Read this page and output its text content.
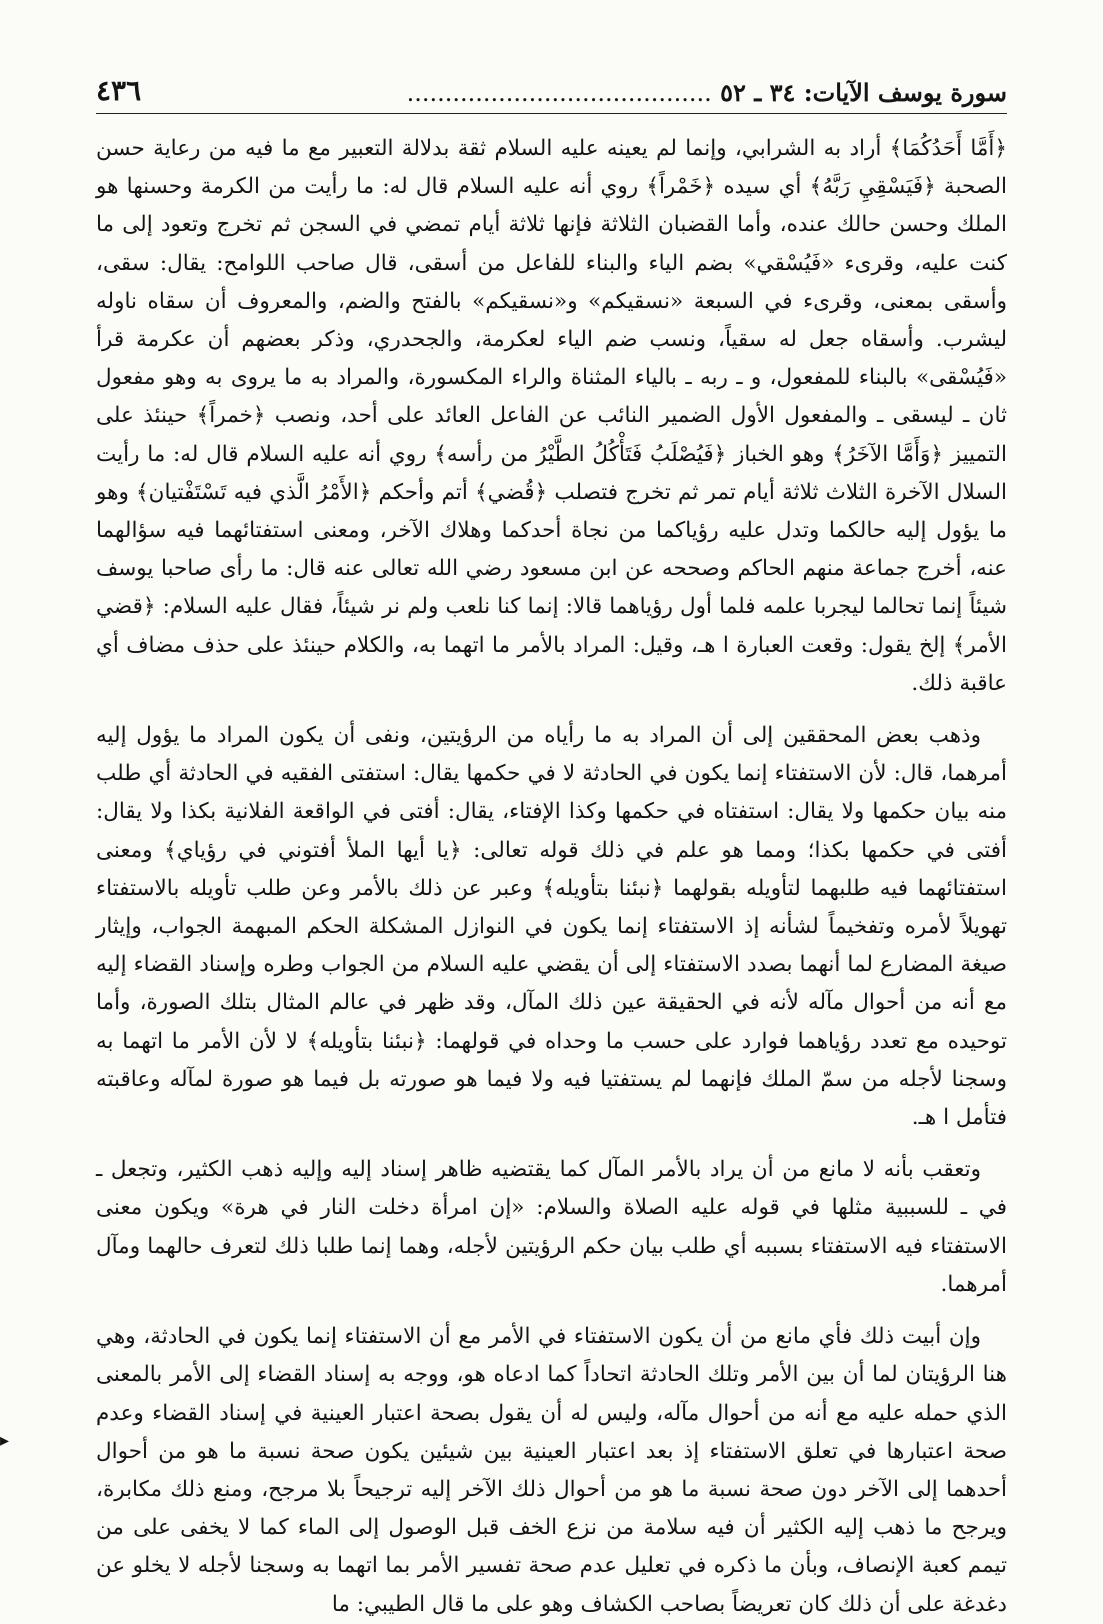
سورة يوسف الآيات: ٣٤ ـ ٥٢ ........................................
٤٣٦

﴿أَمَّا أَحَدُكُمَا﴾ أراد به الشرابي، وإنما لم يعينه عليه السلام ثقة بدلالة التعبير مع ما فيه من رعاية حسن الصحبة ﴿فَيَسْقِيِ رَبَّهُ﴾ أي سيده ﴿خَمْراً﴾ روي أنه عليه السلام قال له: ما رأيت من الكرمة وحسنها هو الملك وحسن حالك عنده، وأما القضبان الثلاثة فإنها ثلاثة أيام تمضي في السجن ثم تخرج وتعود إلى ما كنت عليه، وقرىء «فَيُسْقي» بضم الياء والبناء للفاعل من أسقى، قال صاحب اللوامح: يقال: سقى، وأسقى بمعنى، وقرىء في السبعة «نسقيكم» و«نسقيكم» بالفتح والضم، والمعروف أن سقاه ناوله ليشرب. وأسقاه جعل له سقياً، ونسب ضم الياء لعكرمة، والجحدري، وذكر بعضهم أن عكرمة قرأ «فَيُسْقى» بالبناء للمفعول، و ـ ربه ـ بالياء المثناة والراء المكسورة، والمراد به ما يروى به وهو مفعول ثان ـ ليسقى ـ والمفعول الأول الضمير النائب عن الفاعل العائد على أحد، ونصب ﴿خمراً﴾ حينئذ على التمييز ﴿وَأَمَّا الآخَرُ﴾ وهو الخباز ﴿فَيُصْلَبُ فَتَأْكُلُ الطَّيْرُ من رأسه﴾ روي أنه عليه السلام قال له: ما رأيت السلال الآخرة الثلاث ثلاثة أيام تمر ثم تخرج فتصلب ﴿قُضي﴾ أتم وأحكم ﴿الأَمْرُ الَّذي فيه تَسْتَفْتيان﴾ وهو ما يؤول إليه حالكما وتدل عليه رؤياكما من نجاة أحدكما وهلاك الآخر، ومعنى استفتائهما فيه سؤالهما عنه، أخرج جماعة منهم الحاكم وصححه عن ابن مسعود رضي الله تعالى عنه قال: ما رأى صاحبا يوسف شيئاً إنما تحالما ليجربا علمه فلما أول رؤياهما قالا: إنما كنا نلعب ولم نر شيئاً، فقال عليه السلام: ﴿قضي الأمر﴾ إلخ يقول: وقعت العبارة ا هـ، وقيل: المراد بالأمر ما اتهما به، والكلام حينئذ على حذف مضاف أي عاقبة ذلك.

وذهب بعض المحققين إلى أن المراد به ما رأياه من الرؤيتين، ونفى أن يكون المراد ما يؤول إليه أمرهما، قال: لأن الاستفتاء إنما يكون في الحادثة لا في حكمها يقال: استفتى الفقيه في الحادثة أي طلب منه بيان حكمها ولا يقال: استفتاه في حكمها وكذا الإفتاء، يقال: أفتى في الواقعة الفلانية بكذا ولا يقال: أفتى في حكمها بكذا؛ ومما هو علم في ذلك قوله تعالى: ﴿يا أيها الملأ أفتوني في رؤياي﴾ ومعنى استفتائهما فيه طلبهما لتأويله بقولهما ﴿نبئنا بتأويله﴾ وعبر عن ذلك بالأمر وعن طلب تأويله بالاستفتاء تهويلاً لأمره وتفخيماً لشأنه إذ الاستفتاء إنما يكون في النوازل المشكلة الحكم المبهمة الجواب، وإيثار صيغة المضارع لما أنهما بصدد الاستفتاء إلى أن يقضي عليه السلام من الجواب وطره وإسناد القضاء إليه مع أنه من أحوال مآله لأنه في الحقيقة عين ذلك المآل، وقد ظهر في عالم المثال بتلك الصورة، وأما توحيده مع تعدد رؤياهما فوارد على حسب ما وحداه في قولهما: ﴿نبئنا بتأويله﴾ لا لأن الأمر ما اتهما به وسجنا لأجله من سمّ الملك فإنهما لم يستفتيا فيه ولا فيما هو صورته بل فيما هو صورة لمآله وعاقبته فتأمل ا هـ.

وتعقب بأنه لا مانع من أن يراد بالأمر المآل كما يقتضيه ظاهر إسناد إليه وإليه ذهب الكثير، وتجعل ـ في ـ للسببية مثلها في قوله عليه الصلاة والسلام: «إن امرأة دخلت النار في هرة» ويكون معنى الاستفتاء فيه الاستفتاء بسببه أي طلب بيان حكم الرؤيتين لأجله، وهما إنما طلبا ذلك لتعرف حالهما ومآل أمرهما.

وإن أبيت ذلك فأي مانع من أن يكون الاستفتاء في الأمر مع أن الاستفتاء إنما يكون في الحادثة، وهي هنا الرؤيتان لما أن بين الأمر وتلك الحادثة اتحاداً كما ادعاه هو، ووجه به إسناد القضاء إلى الأمر بالمعنى الذي حمله عليه مع أنه من أحوال مآله، وليس له أن يقول بصحة اعتبار العينية في إسناد القضاء وعدم صحة اعتبارها في تعلق الاستفتاء إذ بعد اعتبار العينية بين شيئين يكون صحة نسبة ما هو من أحوال أحدهما إلى الآخر دون صحة نسبة ما هو من أحوال ذلك الآخر إليه ترجيحاً بلا مرجح، ومنع ذلك مكابرة، ويرجح ما ذهب إليه الكثير أن فيه سلامة من نزع الخف قبل الوصول إلى الماء كما لا يخفى على من تيمم كعبة الإنصاف، وبأن ما ذكره في تعليل عدم صحة تفسير الأمر بما اتهما به وسجنا لأجله لا يخلو عن دغدغة على أن ذلك كان تعريضاً بصاحب الكشاف وهو على ما قال الطيبي: ما

▸
